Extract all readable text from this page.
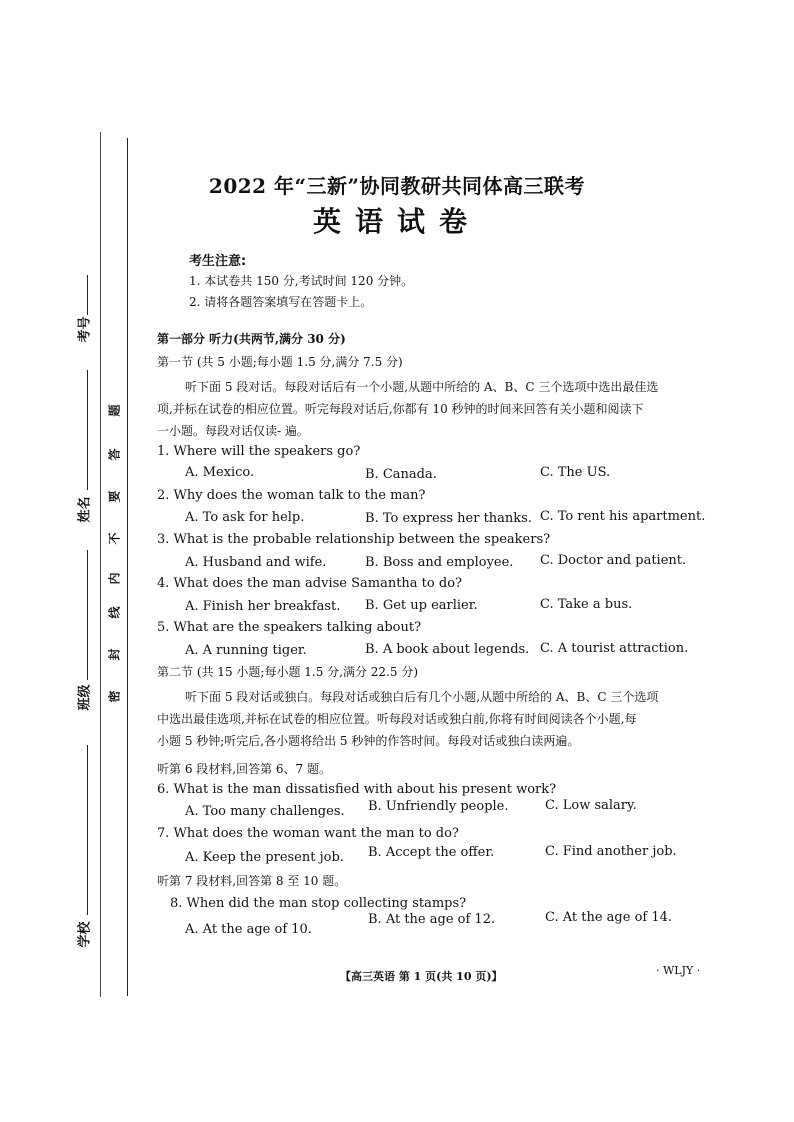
考号
姓名
班级
学校
密
封
线
内
不
要
答
题
2022 年“三新”协同教研共同体高三联考
英语试卷
考生注意:
1. 本试卷共 150 分,考试时间 120 分钟。
2. 请将各题答案填写在答题卡上。
第一部分 听力(共两节,满分 30 分)
第一节 (共 5 小题;每小题 1.5 分,满分 7.5 分)
听下面 5 段对话。每段对话后有一个小题,从题中所给的 A、B、C 三个选项中选出最佳选
项,并标在试卷的相应位置。听完每段对话后,你都有 10 秒钟的时间来回答有关小题和阅读下
一小题。每段对话仅读- 遍。
1. Where will the speakers go?
A. Mexico.	B. Canada.	C. The US.
2. Why does the woman talk to the man?
A. To ask for help.	B. To express her thanks. C. To rent his apartment.
3. What is the probable relationship between the speakers?
A. Husband and wife.	B. Boss and employee. C. Doctor and patient.
4. What does the man advise Samantha to do?
A. Finish her breakfast. B. Get up earlier.	C. Take a bus.
5. What are the speakers talking about?
A. A running tiger.	B. A book about legends. C. A tourist attraction.
第二节 (共 15 小题;每小题 1.5 分,满分 22.5 分)
听下面 5 段对话或独白。每段对话或独白后有几个小题,从题中所给的 A、B、C 三个选项
中选出最佳选项,并标在试卷的相应位置。听每段对话或独白前,你将有时间阅读各个小题,每
小题 5 秒钟;听完后,各小题将给出 5 秒钟的作答时间。每段对话或独白读两遍。
听第 6 段材料,回答第 6、7 题。
6. What is the man dissatisfied with about his present work?
A. Too many challenges. B. Unfriendly people.	C. Low salary.
7. What does the woman want the man to do?
A. Keep the present job. B. Accept the offer.	C. Find another job.
听第 7 段材料,回答第 8 至 10 题。
8. When did the man stop collecting stamps?
A. At the age of 10.
B. At the age of 12.	C. At the age of 14.
【高三英语 第 1 页(共 10 页)】	· WLJY ·
